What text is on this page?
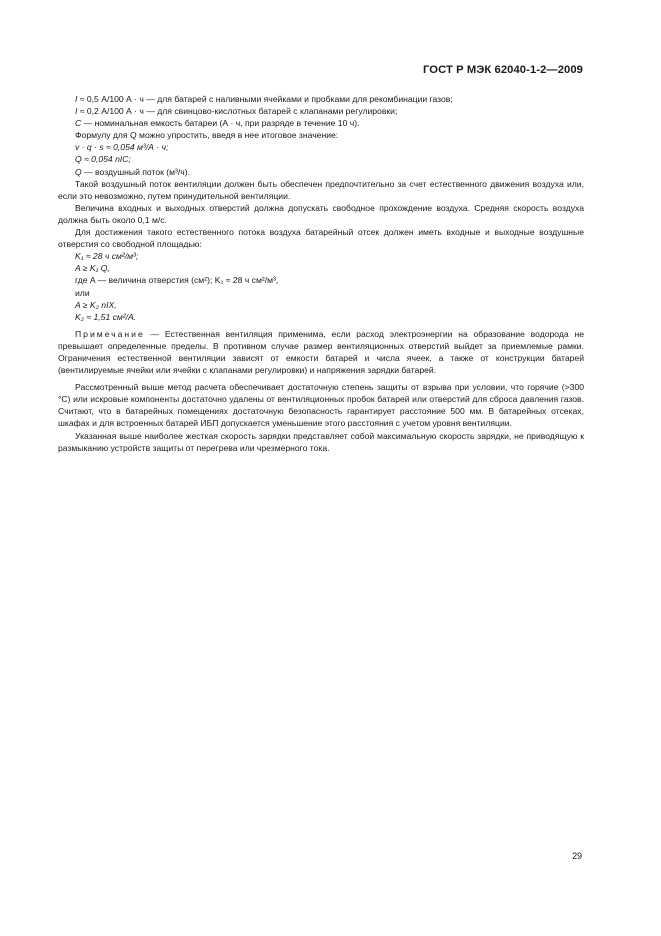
ГОСТ Р МЭК 62040-1-2—2009

I ≈ 0,5 А/100 А · ч — для батарей с наливными ячейками и пробками для рекомбинации газов;

I ≈ 0,2 А/100 А · ч — для свинцово-кислотных батарей с клапанами регулировки;

C — номинальная емкость батареи (А · ч, при разряде в течение 10 ч).

Формулу для Q можно упростить, введя в нее итоговое значение:

v · q · s ≈ 0,054 м³/А · ч;

Q ≈ 0,054 nIC;

Q — воздушный поток (м³/ч).

Такой воздушный поток вентиляции должен быть обеспечен предпочтительно за счет естественного движения воздуха или, если это невозможно, путем принудительной вентиляции.

Величина входных и выходных отверстий должна допускать свободное прохождение воздуха. Средняя скорость воздуха должна быть около 0,1 м/с.

Для достижения такого естественного потока воздуха батарейный отсек должен иметь входные и выходные воздушные отверстия со свободной площадью:

K₁ ≈ 28 ч см²/м³;

A ≥ K₁ Q,

где A — величина отверстия (см²); K₁ ≈ 28 ч см²/м³,

или

A ≥ K₂ nIX,

K₂ ≈ 1,51 см²/А.

Примечание — Естественная вентиляция применима, если расход электроэнергии на образование водорода не превышает определенные пределы. В противном случае размер вентиляционных отверстий выйдет за приемлемые рамки. Ограничения естественной вентиляции зависят от емкости батарей и числа ячеек, а также от конструкции батарей (вентилируемые ячейки или ячейки с клапанами регулировки) и напряжения зарядки батарей.

Рассмотренный выше метод расчета обеспечивает достаточную степень защиты от взрыва при условии, что горячие (>300 °С) или искровые компоненты достаточно удалены от вентиляционных пробок батарей или отверстий для сброса давления газов. Считают, что в батарейных помещениях достаточную безопасность гарантирует расстояние 500 мм. В батарейных отсеках, шкафах и для встроенных батарей ИБП допускается уменьшение этого расстояния с учетом уровня вентиляции.

Указанная выше наиболее жесткая скорость зарядки представляет собой максимальную скорость зарядки, не приводящую к размыканию устройств защиты от перегрева или чрезмерного тока.

29
